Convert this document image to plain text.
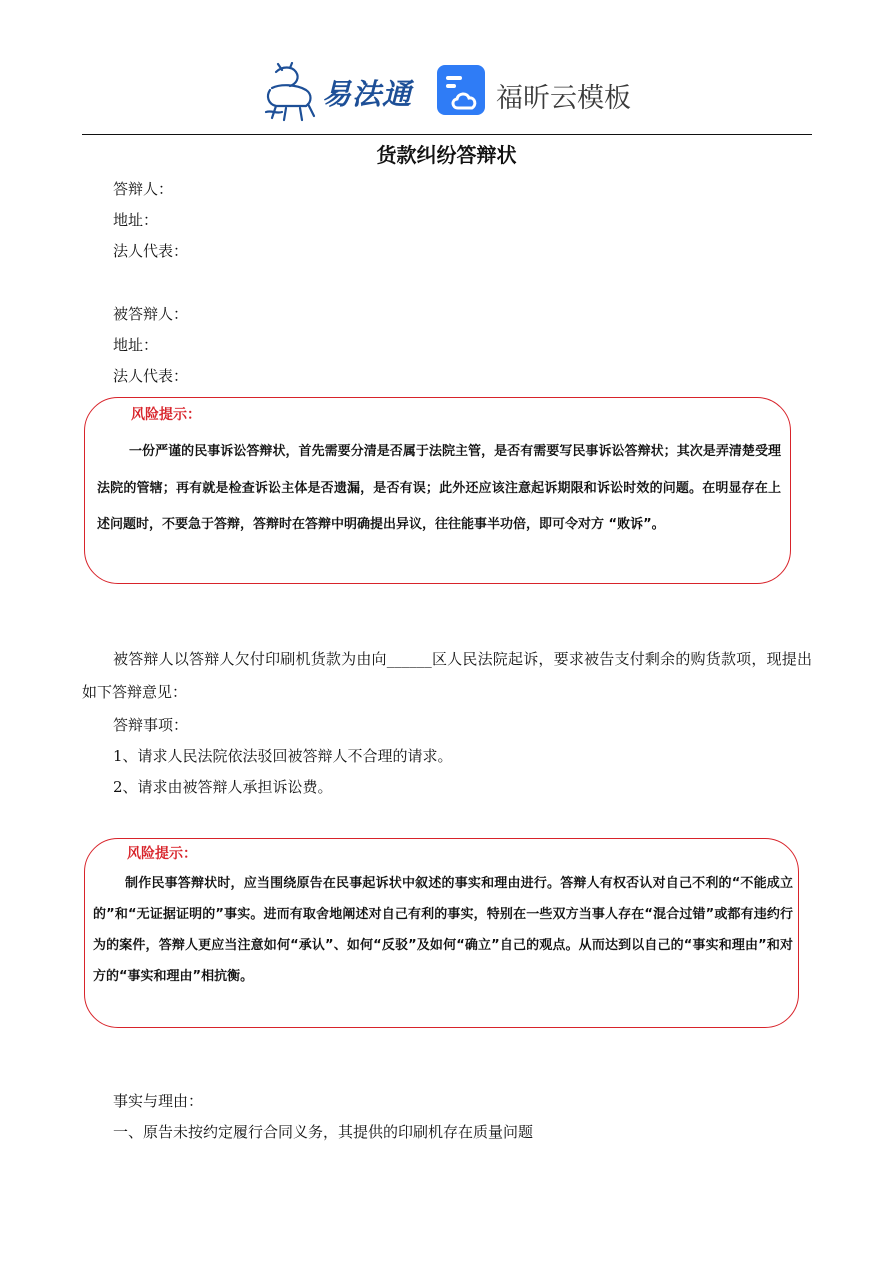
易法通	福昕云模板
货款纠纷答辩状
答辩人：
地址：
法人代表：
被答辩人：
地址：
法人代表：
风险提示：
一份严谨的民事诉讼答辩状，首先需要分清是否属于法院主管，是否有需要写民事诉讼答辩状；其次是弄清楚受理法院的管辖；再有就是检查诉讼主体是否遗漏，是否有误；此外还应该注意起诉期限和诉讼时效的问题。在明显存在上述问题时，不要急于答辩，答辩时在答辩中明确提出异议，往往能事半功倍，即可令对方 “败诉”。
被答辩人以答辩人欠付印刷机货款为由向______区人民法院起诉，要求被告支付剩余的购货款项，现提出如下答辩意见：
答辩事项：
1、请求人民法院依法驳回被答辩人不合理的请求。
2、请求由被答辩人承担诉讼费。
风险提示：
制作民事答辩状时，应当围绕原告在民事起诉状中叙述的事实和理由进行。答辩人有权否认对自己不利的“不能成立的”和“无证据证明的”事实。进而有取舍地阐述对自己有利的事实，特别在一些双方当事人存在“混合过错”或都有违约行为的案件，答辩人更应当注意如何“承认”、如何“反驳”及如何“确立”自己的观点。从而达到以自己的“事实和理由”和对方的“事实和理由”相抗衡。
事实与理由：
一、原告未按约定履行合同义务，其提供的印刷机存在质量问题
